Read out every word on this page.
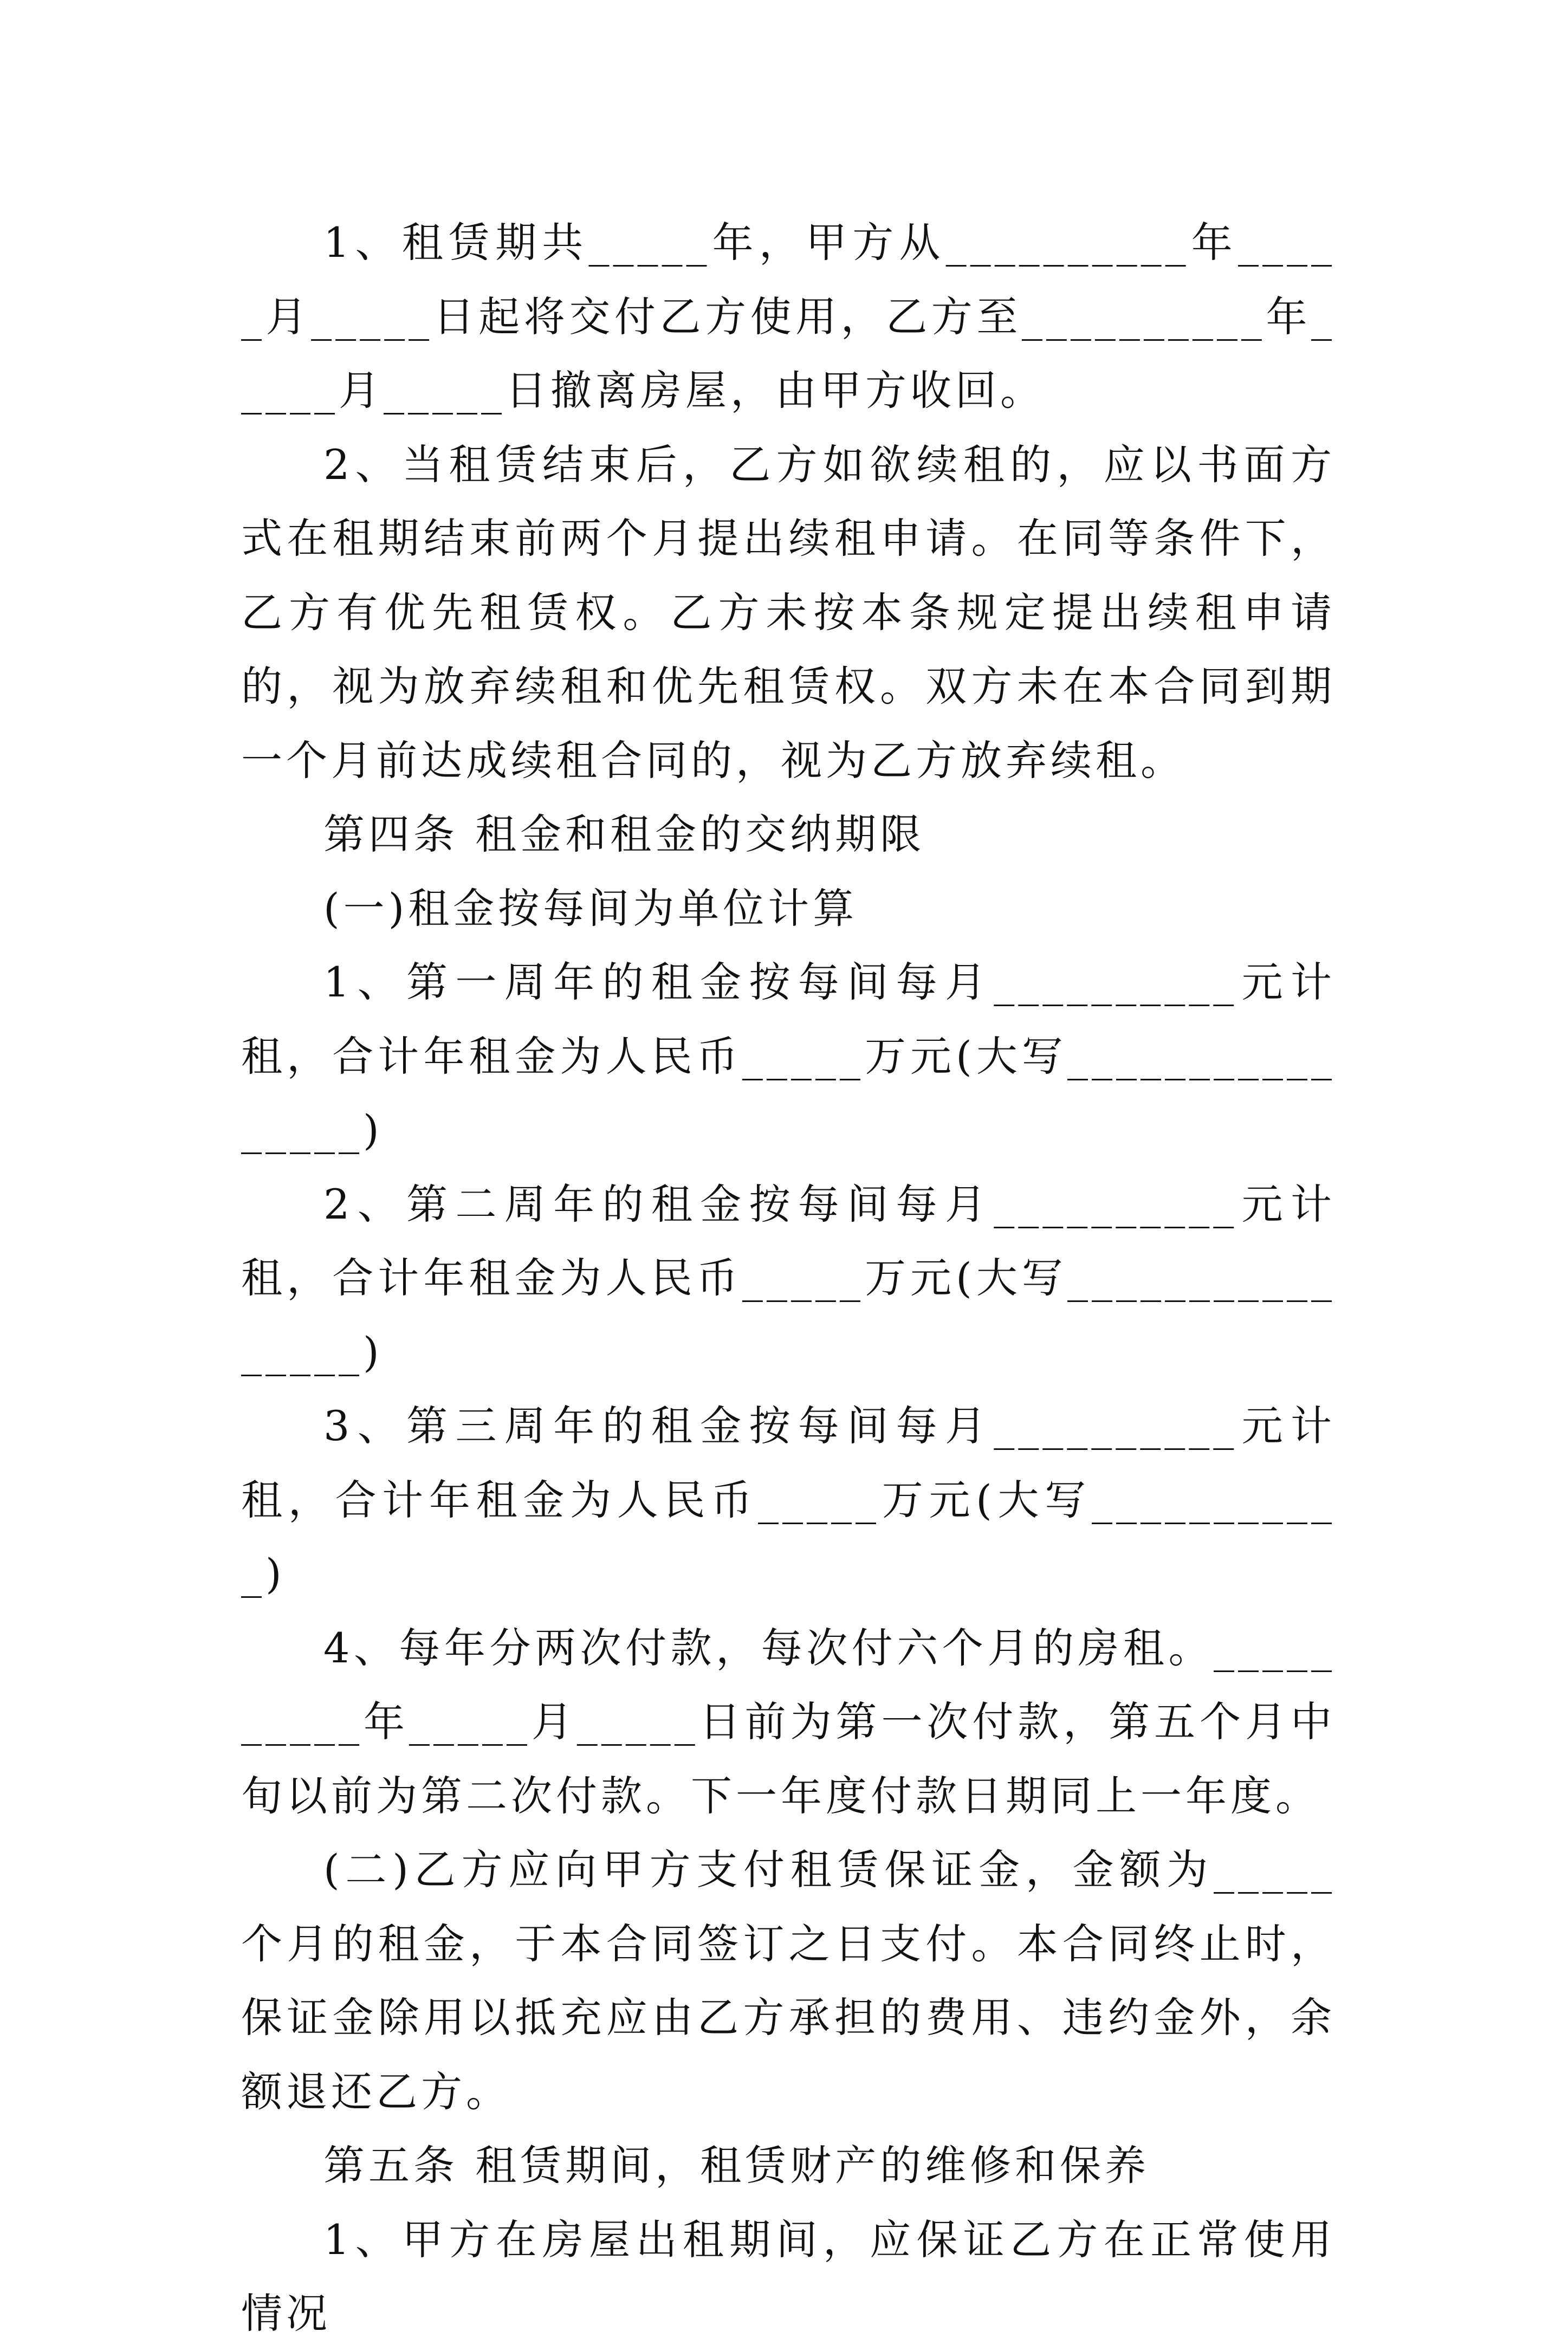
1、租赁期共_____年，甲方从__________年_____月_____日起将交付乙方使用，乙方至__________年_____月_____日撤离房屋，由甲方收回。

2、当租赁结束后，乙方如欲续租的，应以书面方式在租期结束前两个月提出续租申请。在同等条件下，乙方有优先租赁权。乙方未按本条规定提出续租申请的，视为放弃续租和优先租赁权。双方未在本合同到期一个月前达成续租合同的，视为乙方放弃续租。

第四条 租金和租金的交纳期限

(一)租金按每间为单位计算

1、第一周年的租金按每间每月__________元计租，合计年租金为人民币_____万元(大写________________)

2、第二周年的租金按每间每月__________元计租，合计年租金为人民币_____万元(大写________________)

3、第三周年的租金按每间每月__________元计租，合计年租金为人民币_____万元(大写___________)

4、每年分两次付款，每次付六个月的房租。__________年_____月_____日前为第一次付款，第五个月中旬以前为第二次付款。下一年度付款日期同上一年度。

(二)乙方应向甲方支付租赁保证金，金额为_____个月的租金，于本合同签订之日支付。本合同终止时，保证金除用以抵充应由乙方承担的费用、违约金外，余额退还乙方。

第五条 租赁期间，租赁财产的维修和保养

1、甲方在房屋出租期间，应保证乙方在正常使用情况
